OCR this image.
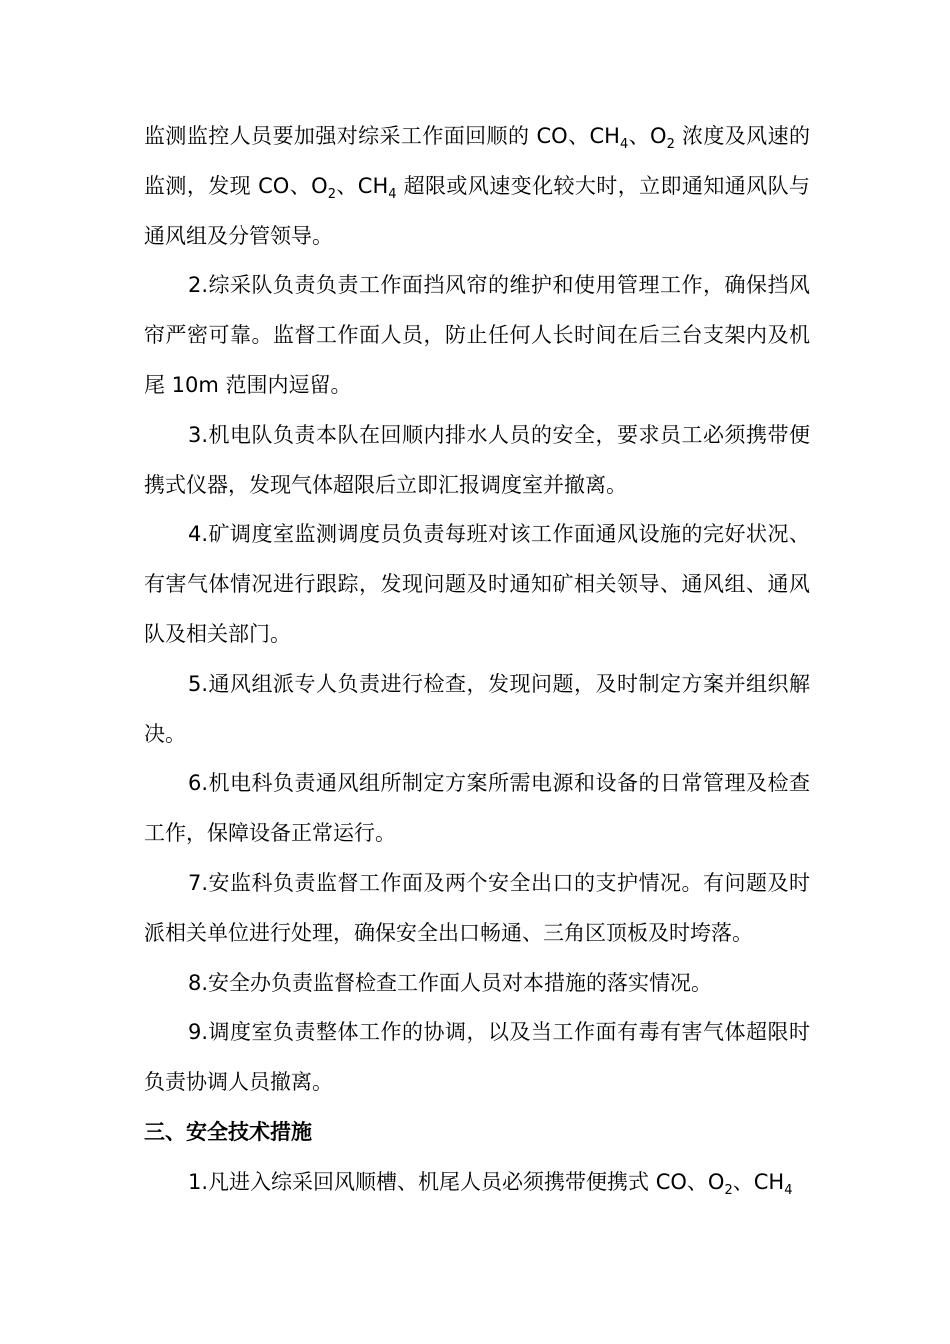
监测监控人员要加强对综采工作面回顺的 CO、$CH_4$、$O_2$ 浓度及风速的监测，发现 CO、$O_2$、$CH_4$ 超限或风速变化较大时，立即通知通风队与通风组及分管领导。

2.综采队负责负责工作面挡风帘的维护和使用管理工作，确保挡风帘严密可靠。监督工作面人员，防止任何人长时间在后三台支架内及机尾 10m 范围内逗留。

3.机电队负责本队在回顺内排水人员的安全，要求员工必须携带便携式仪器，发现气体超限后立即汇报调度室并撤离。

4.矿调度室监测调度员负责每班对该工作面通风设施的完好状况、有害气体情况进行跟踪，发现问题及时通知矿相关领导、通风组、通风队及相关部门。

5.通风组派专人负责进行检查，发现问题，及时制定方案并组织解决。

6.机电科负责通风组所制定方案所需电源和设备的日常管理及检查工作，保障设备正常运行。

7.安监科负责监督工作面及两个安全出口的支护情况。有问题及时派相关单位进行处理，确保安全出口畅通、三角区顶板及时垮落。

8.安全办负责监督检查工作面人员对本措施的落实情况。

9.调度室负责整体工作的协调，以及当工作面有毒有害气体超限时负责协调人员撤离。

三、安全技术措施

1.凡进入综采回风顺槽、机尾人员必须携带便携式 CO、$O_2$、$CH_4$
